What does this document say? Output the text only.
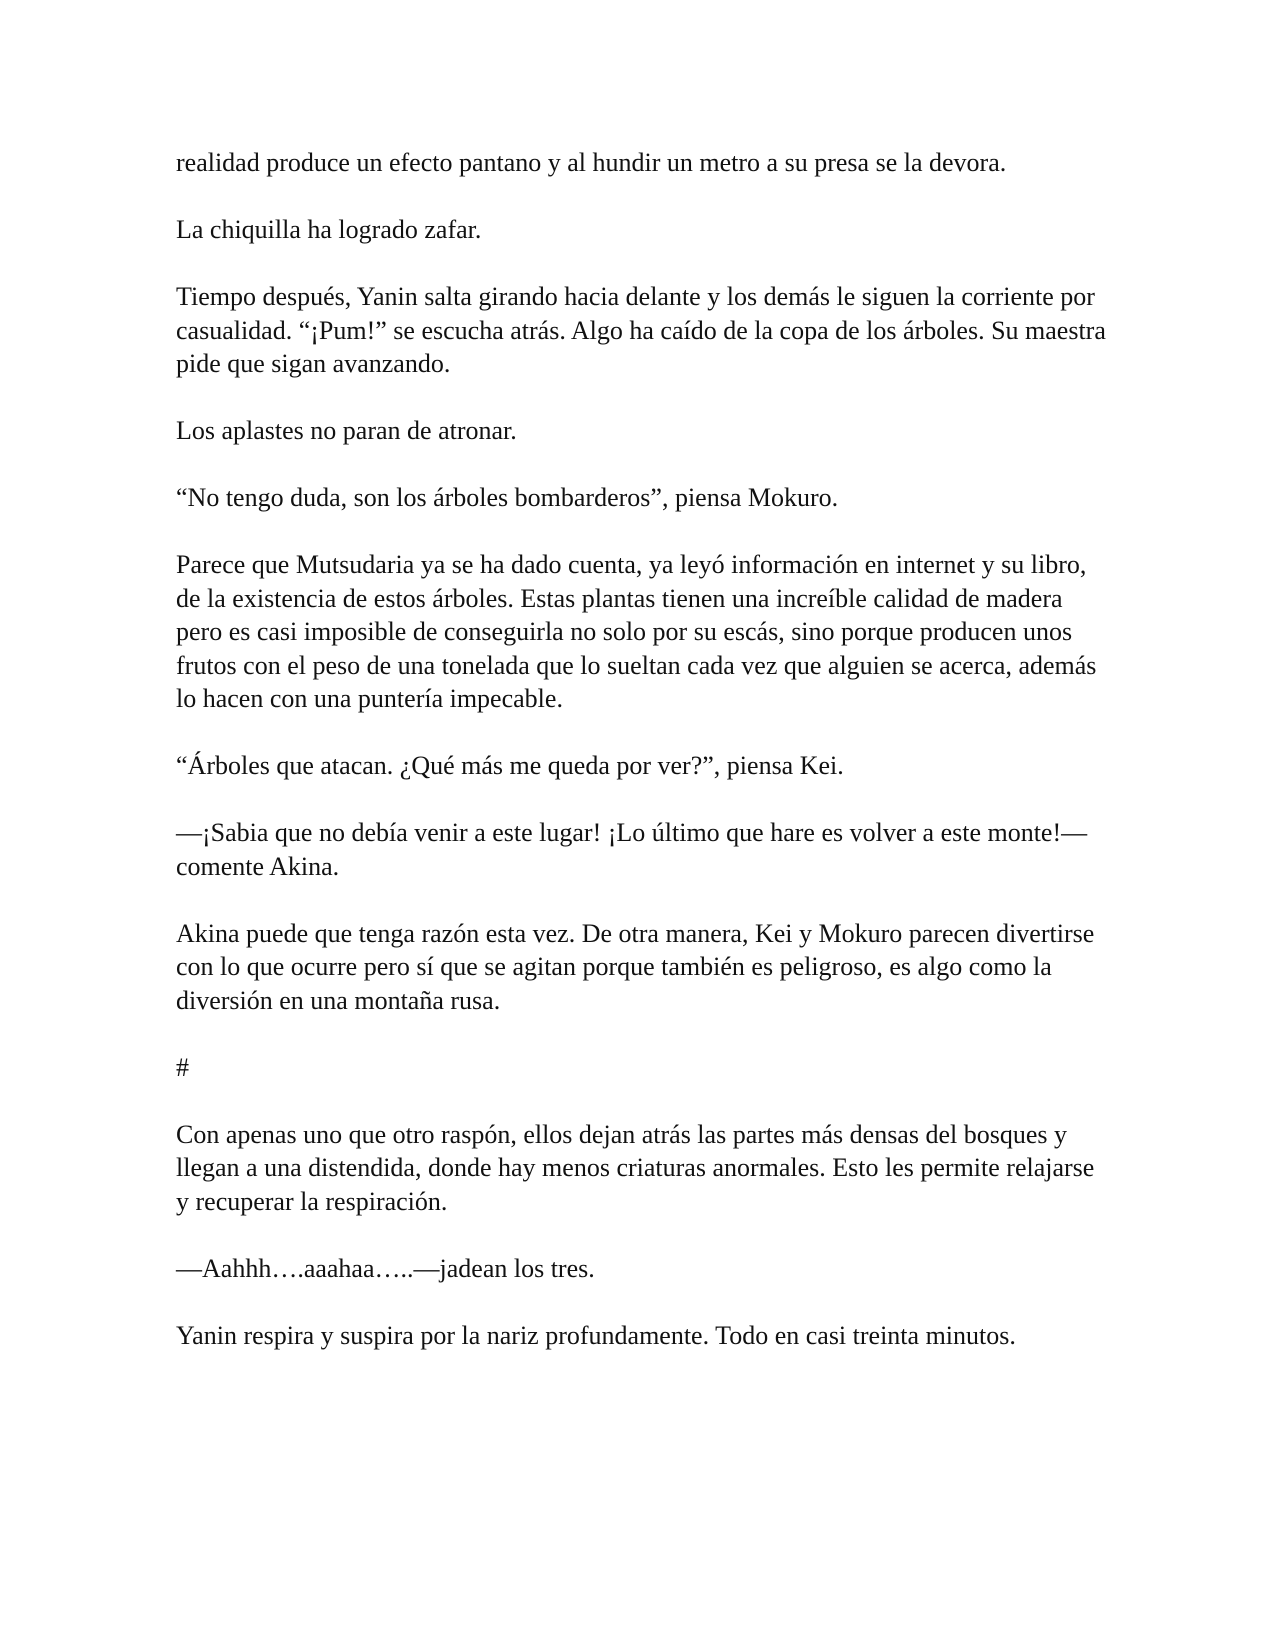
realidad produce un efecto pantano y al hundir un metro a su presa se la devora.

La chiquilla ha logrado zafar.

Tiempo después, Yanin salta girando hacia delante y los demás le siguen la corriente por casualidad. “¡Pum!” se escucha atrás. Algo ha caído de la copa de los árboles. Su maestra pide que sigan avanzando.

Los aplastes no paran de atronar.

“No tengo duda, son los árboles bombarderos”, piensa Mokuro.

Parece que Mutsudaria ya se ha dado cuenta, ya leyó información en internet y su libro, de la existencia de estos árboles. Estas plantas tienen una increíble calidad de madera pero es casi imposible de conseguirla no solo por su escás, sino porque producen unos frutos con el peso de una tonelada que lo sueltan cada vez que alguien se acerca, además lo hacen con una puntería impecable.

“Árboles que atacan. ¿Qué más me queda por ver?”, piensa Kei.

—¡Sabia que no debía venir a este lugar! ¡Lo último que hare es volver a este monte!—comente Akina.

Akina puede que tenga razón esta vez. De otra manera, Kei y Mokuro parecen divertirse con lo que ocurre pero sí que se agitan porque también es peligroso, es algo como la diversión en una montaña rusa.

#

Con apenas uno que otro raspón, ellos dejan atrás las partes más densas del bosques y llegan a una distendida, donde hay menos criaturas anormales. Esto les permite relajarse y recuperar la respiración.

—Aahhh….aaahaa…..—jadean los tres.

Yanin respira y suspira por la nariz profundamente. Todo en casi treinta minutos.
